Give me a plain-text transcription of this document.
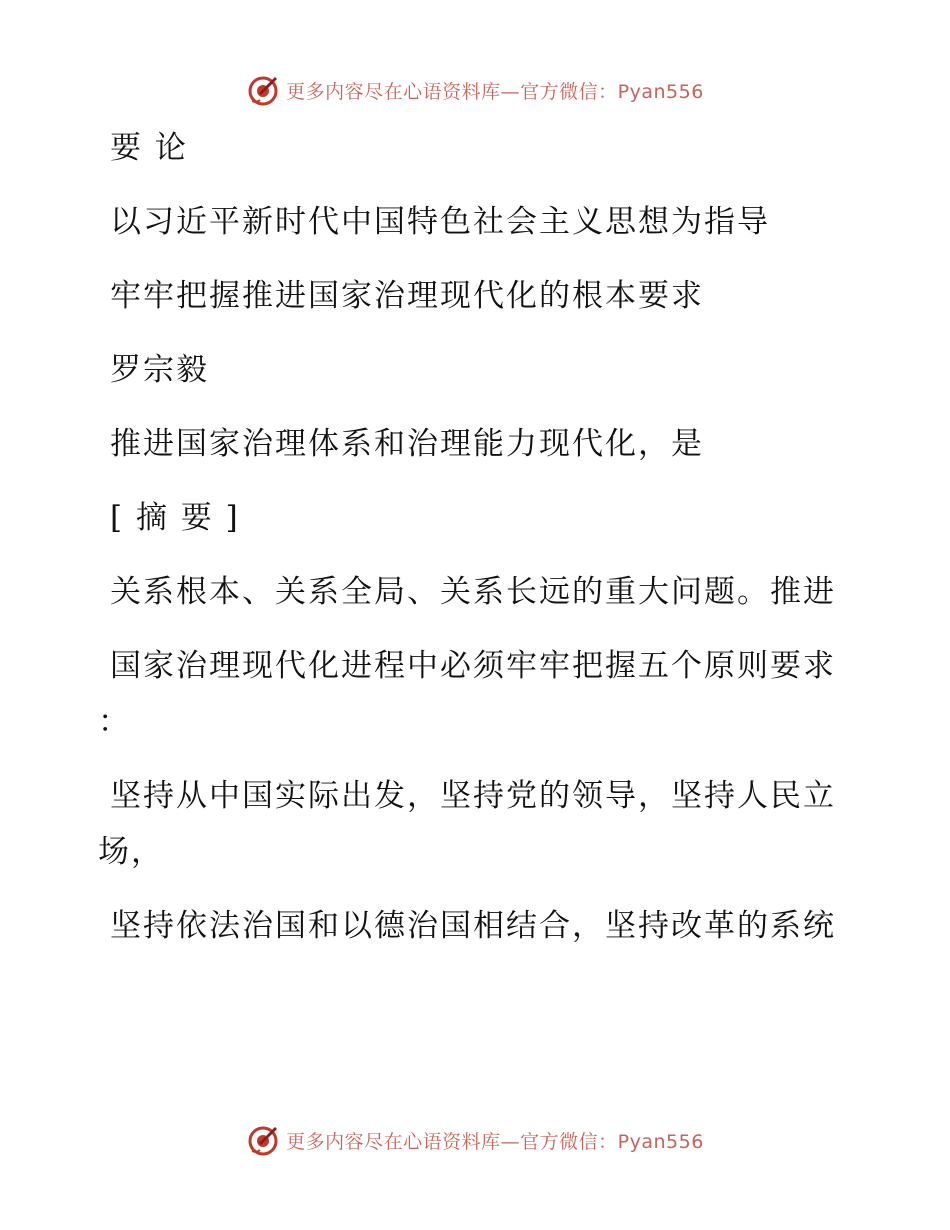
更多内容尽在心语资料库—官方微信：Pyan556
要 论
以习近平新时代中国特色社会主义思想为指导
牢牢把握推进国家治理现代化的根本要求
罗宗毅
推进国家治理体系和治理能力现代化，是
[ 摘 要 ]
关系根本、关系全局、关系长远的重大问题。推进
国家治理现代化进程中必须牢牢把握五个原则要求 ：
坚持从中国实际出发，坚持党的领导，坚持人民立场，
坚持依法治国和以德治国相结合，坚持改革的系统
更多内容尽在心语资料库—官方微信：Pyan556
